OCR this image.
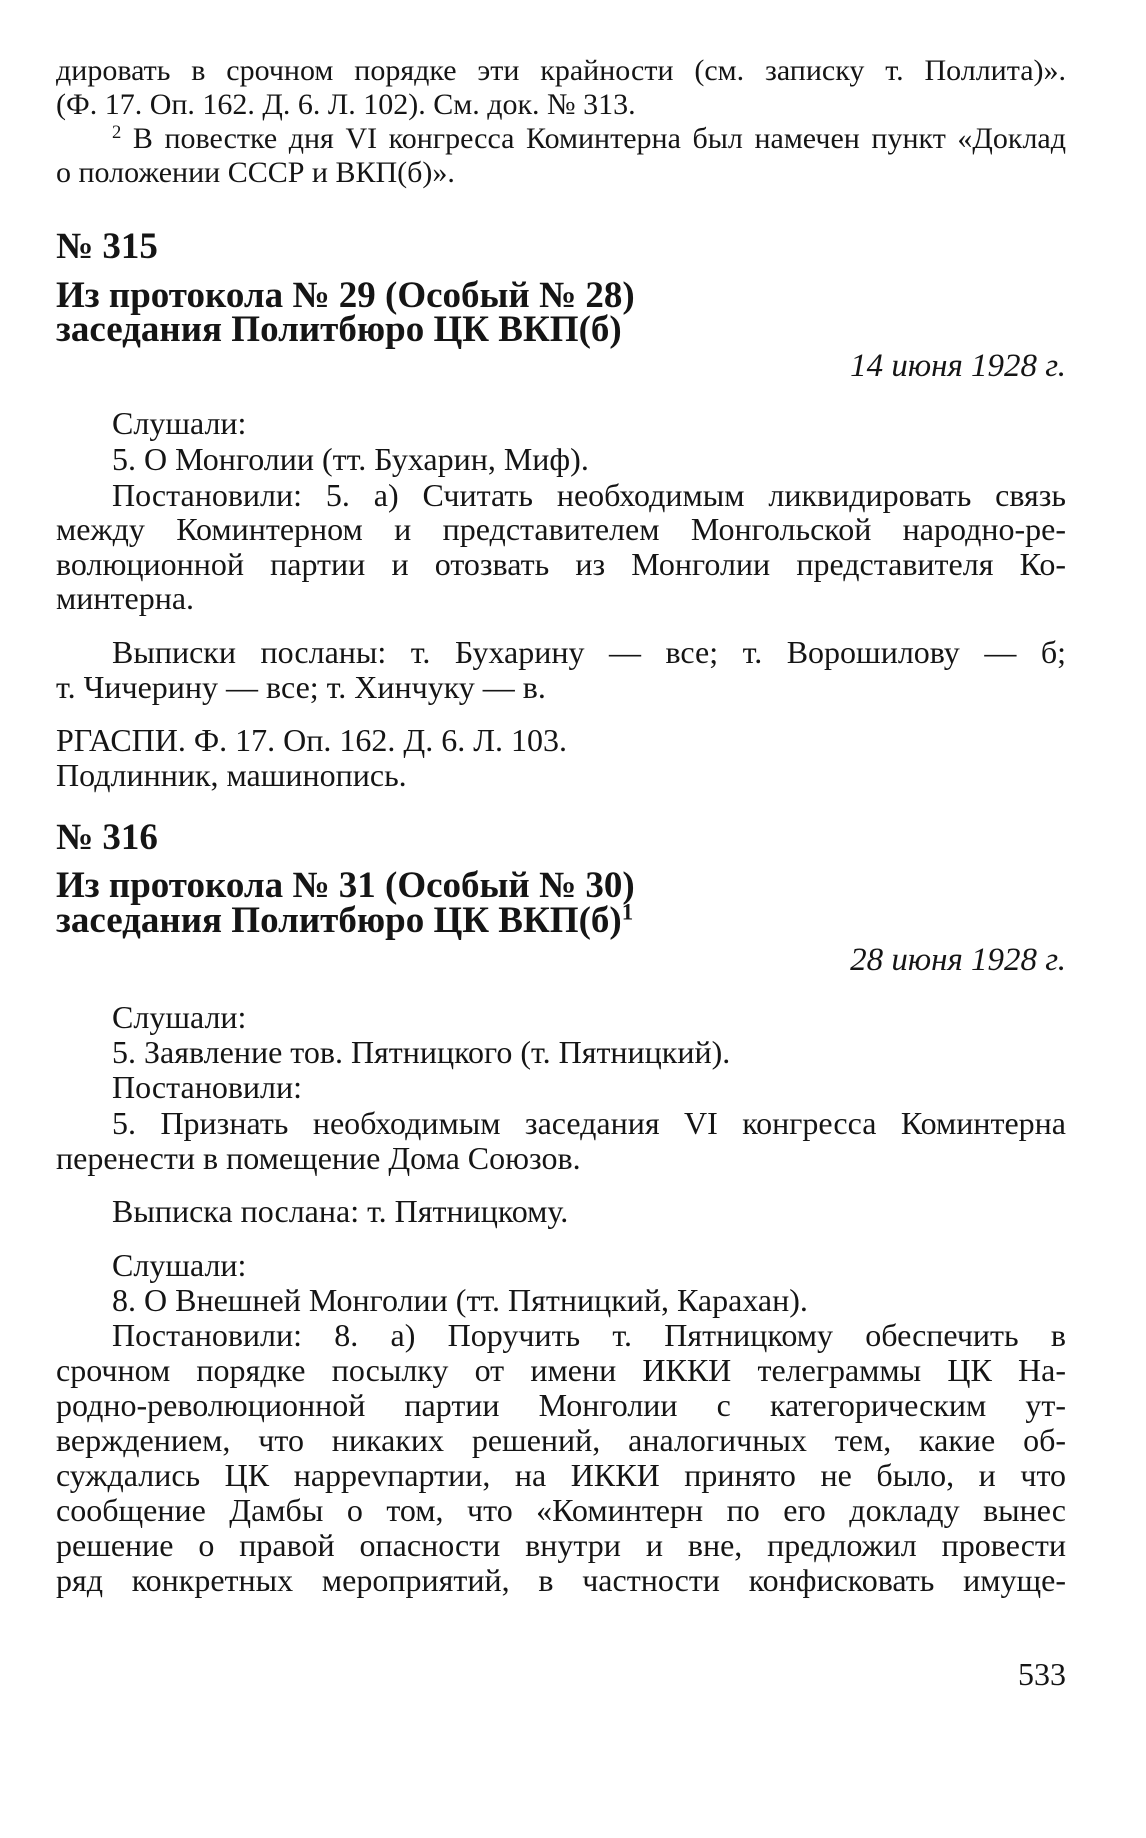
дировать в срочном порядке эти крайности (см. записку т. Поллита)».

(Ф. 17. Оп. 162. Д. 6. Л. 102). См. док. № 313.

$^2$ В повестке дня VI конгресса Коминтерна был намечен пункт «Доклад

о положении СССР и ВКП(б)».

№ 315
Из протокола № 29 (Особый № 28)
заседания Политбюро ЦК ВКП(б)
14 июня 1928 г.

Слушали:

5. О Монголии (тт. Бухарин, Миф).

Постановили: 5. а) Считать необходимым ликвидировать связь

между Коминтерном и представителем Монгольской народно-ре-

волюционной партии и отозвать из Монголии представителя Ко-

минтерна.

Выписки посланы: т. Бухарину — все; т. Ворошилову — б;

т. Чичерину — все; т. Хинчуку — в.

РГАСПИ. Ф. 17. Оп. 162. Д. 6. Л. 103.

Подлинник, машинопись.

№ 316
Из протокола № 31 (Особый № 30)
заседания Политбюро ЦК $ВКП(б)^1$
28 июня 1928 г.

Слушали:

5. Заявление тов. Пятницкого (т. Пятницкий).

Постановили:

5. Признать необходимым заседания VI конгресса Коминтерна

перенести в помещение Дома Союзов.

Выписка послана: т. Пятницкому.

Слушали:

8. О Внешней Монголии (тт. Пятницкий, Карахан).

Постановили: 8. а) Поручить т. Пятницкому обеспечить в

срочном порядке посылку от имени ИККИ телеграммы ЦК На-

родно-революционной партии Монголии с категорическим ут-

верждением, что никаких решений, аналогичных тем, какие об-

суждались ЦК наррevпартии, на ИККИ принято не было, и что

сообщение Дамбы о том, что «Коминтерн по его докладу вынес

решение о правой опасности внутри и вне, предложил провести

ряд конкретных мероприятий, в частности конфисковать имуще-

533
